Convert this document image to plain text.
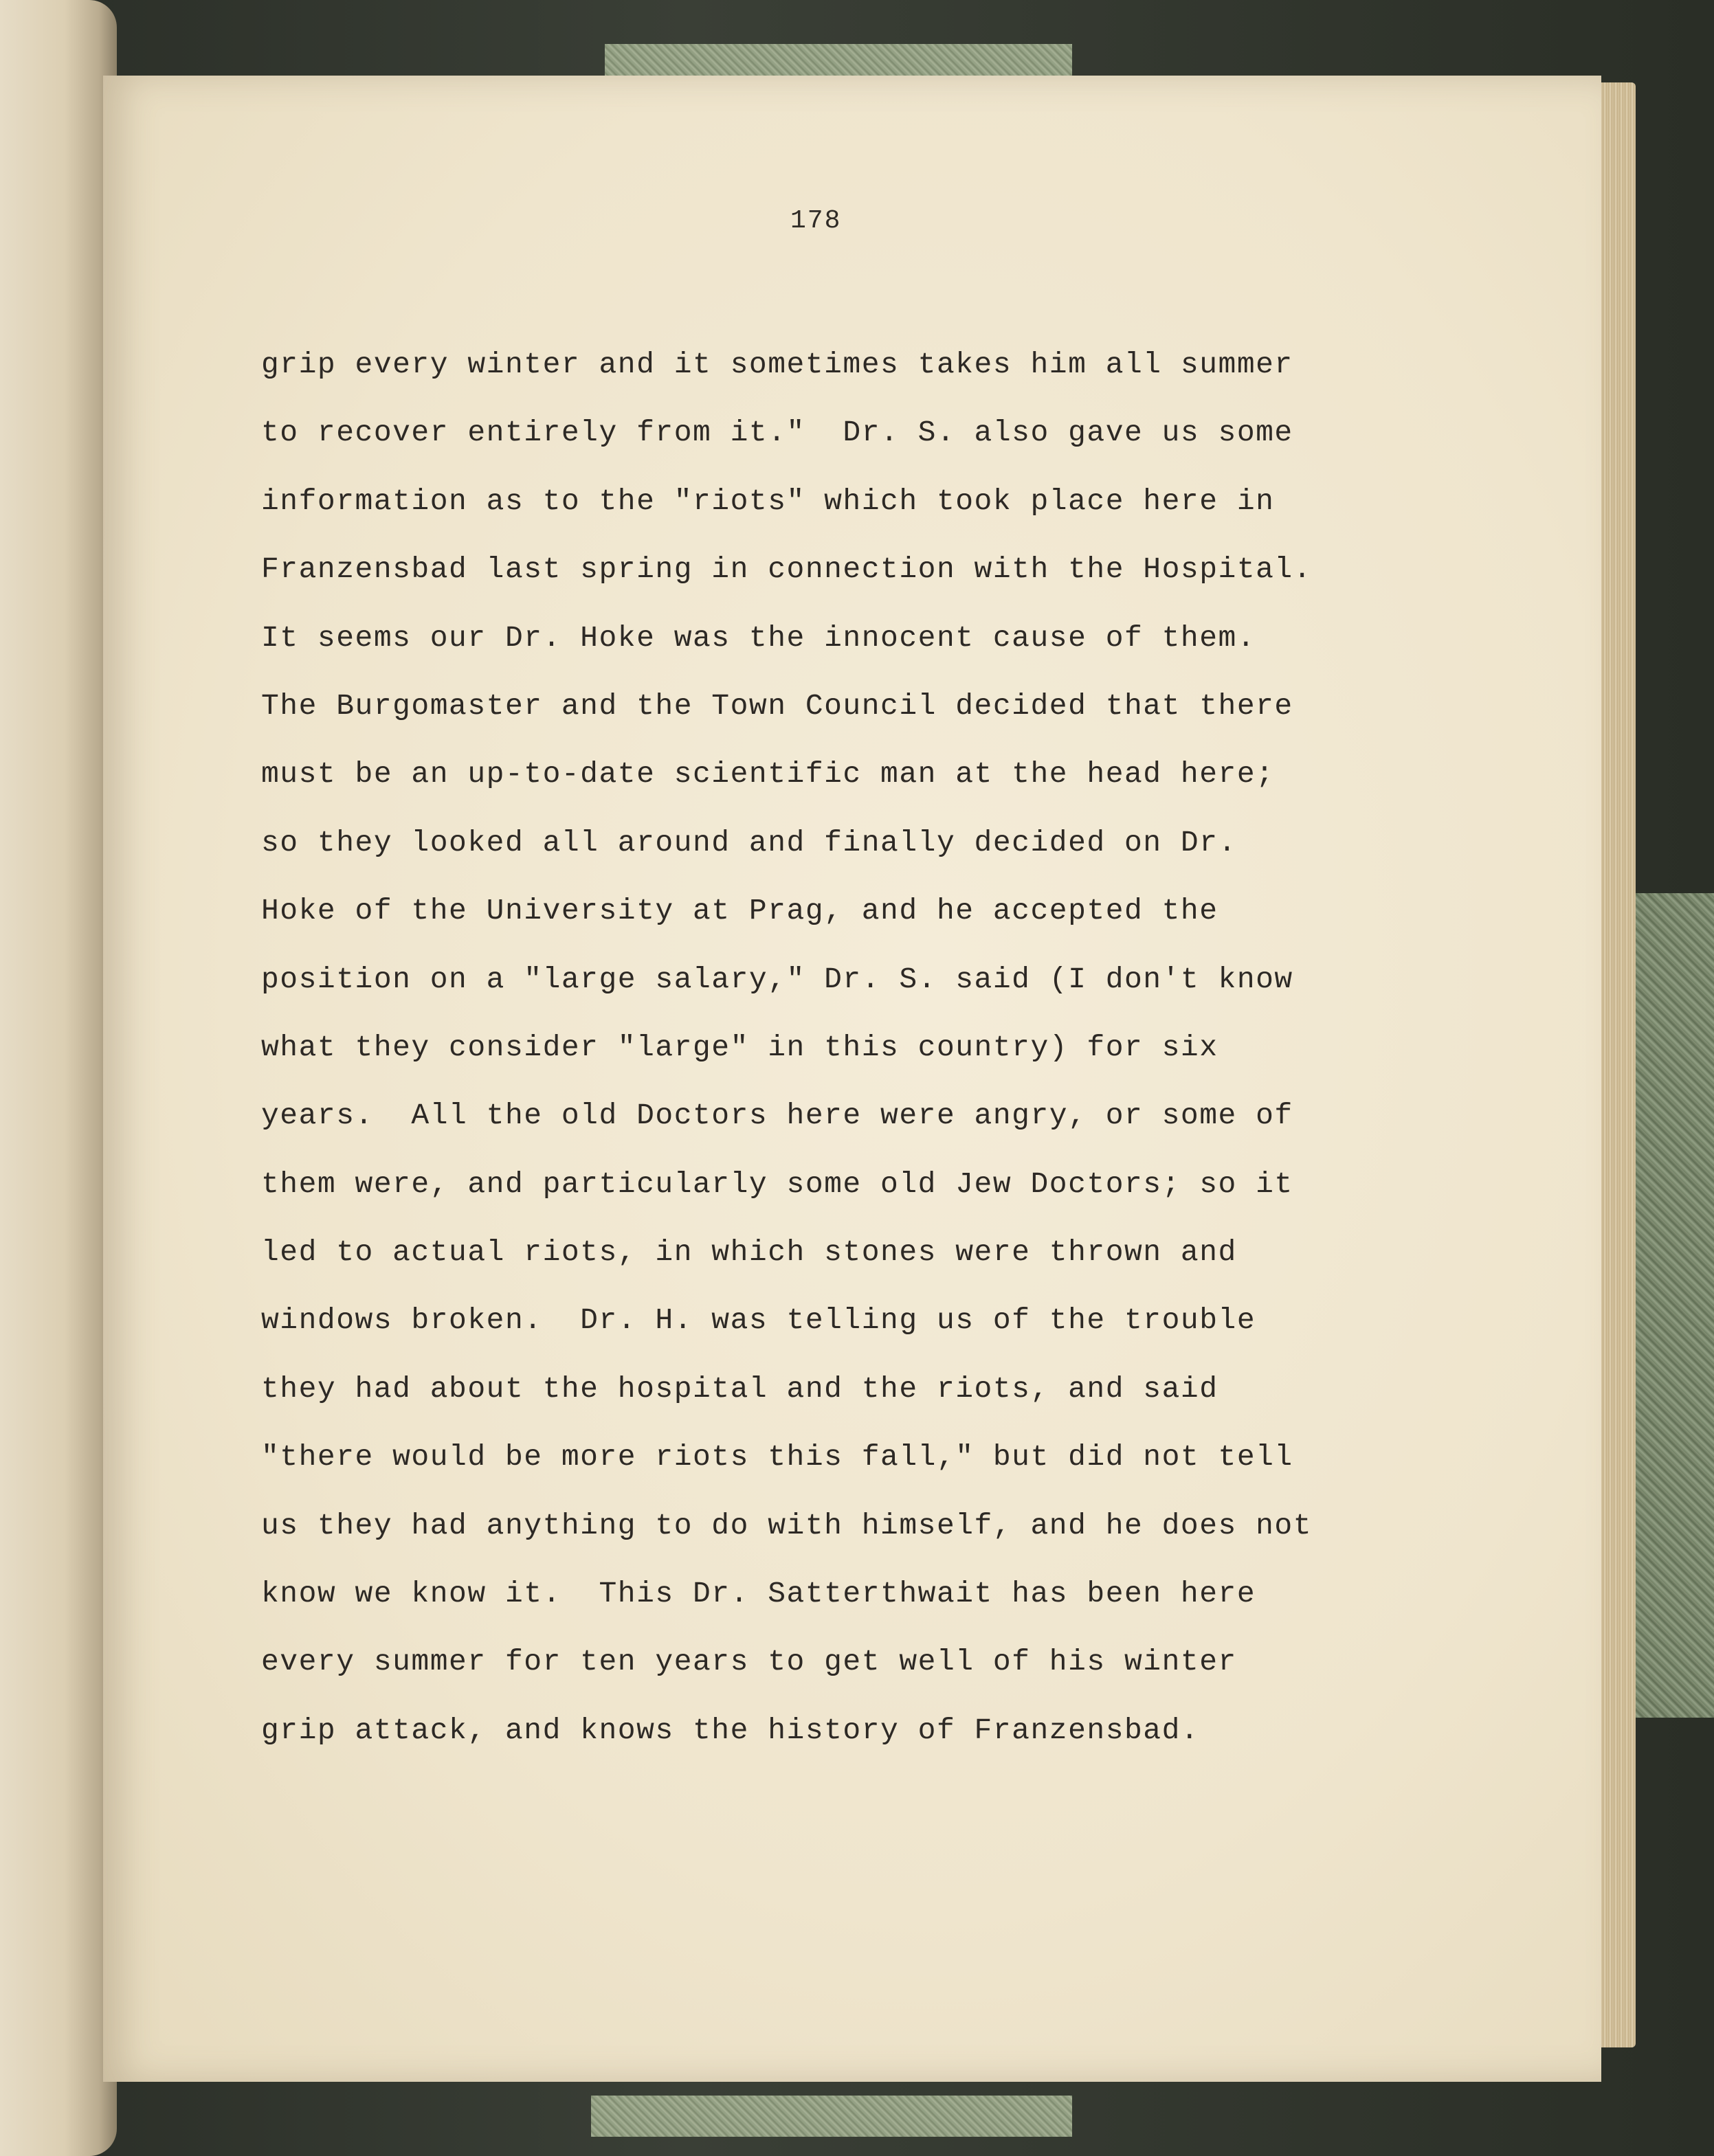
178
grip every winter and it sometimes takes him all summer
to recover entirely from it."  Dr. S. also gave us some
information as to the "riots" which took place here in
Franzensbad last spring in connection with the Hospital.
It seems our Dr. Hoke was the innocent cause of them.
The Burgomaster and the Town Council decided that there
must be an up-to-date scientific man at the head here;
so they looked all around and finally decided on Dr.
Hoke of the University at Prag, and he accepted the
position on a "large salary," Dr. S. said (I don't know
what they consider "large" in this country) for six
years.  All the old Doctors here were angry, or some of
them were, and particularly some old Jew Doctors; so it
led to actual riots, in which stones were thrown and
windows broken.  Dr. H. was telling us of the trouble
they had about the hospital and the riots, and said
"there would be more riots this fall," but did not tell
us they had anything to do with himself, and he does not
know we know it.  This Dr. Satterthwait has been here
every summer for ten years to get well of his winter
grip attack, and knows the history of Franzensbad.
